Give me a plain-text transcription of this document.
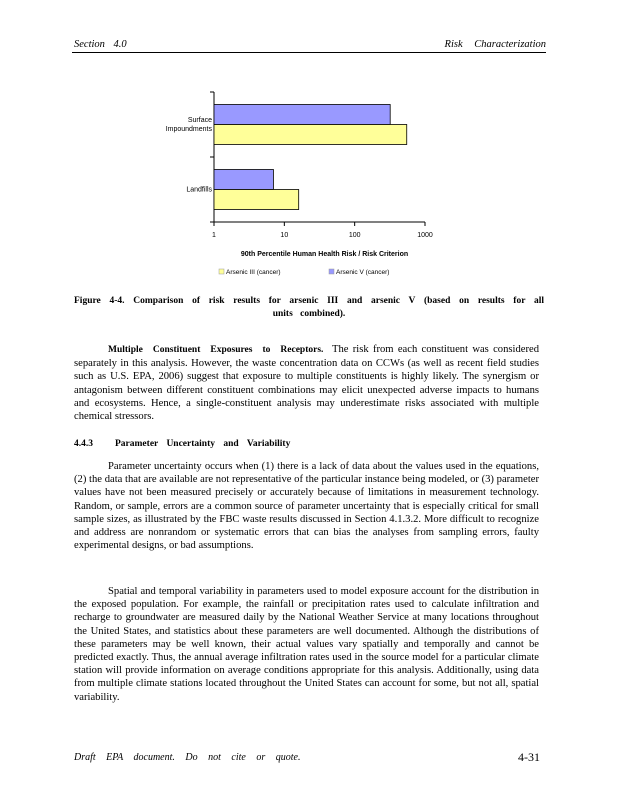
Section 4.0	Risk Characterization
1	10	100	1000
Surface
Impoundments
Landfills
90th Percentile Human Health Risk / Risk Criterion
Arsenic III (cancer)	Arsenic V (cancer)
Figure 4-4. Comparison of risk results for arsenic III and arsenic V (based on results for all units combined).

Multiple Constituent Exposures to Receptors. The risk from each constituent was considered separately in this analysis. However, the waste concentration data on CCWs (as well as recent field studies such as U.S. EPA, 2006) suggest that exposure to multiple constituents is highly likely. The synergism or antagonism between different constituent combinations may elicit unexpected adverse impacts to humans and ecosystems. Hence, a single-constituent analysis may underestimate risks associated with multiple chemical stressors.

4.4.3 Parameter Uncertainty and Variability

Parameter uncertainty occurs when (1) there is a lack of data about the values used in the equations, (2) the data that are available are not representative of the particular instance being modeled, or (3) parameter values have not been measured precisely or accurately because of limitations in measurement technology. Random, or sample, errors are a common source of parameter uncertainty that is especially critical for small sample sizes, as illustrated by the FBC waste results discussed in Section 4.1.3.2. More difficult to recognize and address are nonrandom or systematic errors that can bias the analyses from sampling errors, faulty experimental designs, or bad assumptions.

Spatial and temporal variability in parameters used to model exposure account for the distribution in the exposed population. For example, the rainfall or precipitation rates used to calculate infiltration and recharge to groundwater are measured daily by the National Weather Service at many locations throughout the United States, and statistics about these parameters are well documented. Although the distributions of these parameters may be well known, their actual values vary spatially and temporally and cannot be predicted exactly. Thus, the annual average infiltration rates used in the source model for a particular climate station will provide information on average conditions appropriate for this analysis. Additionally, using data from multiple climate stations located throughout the United States can account for some, but not all, spatial variability.

Draft EPA document. Do not cite or quote.	4-31
